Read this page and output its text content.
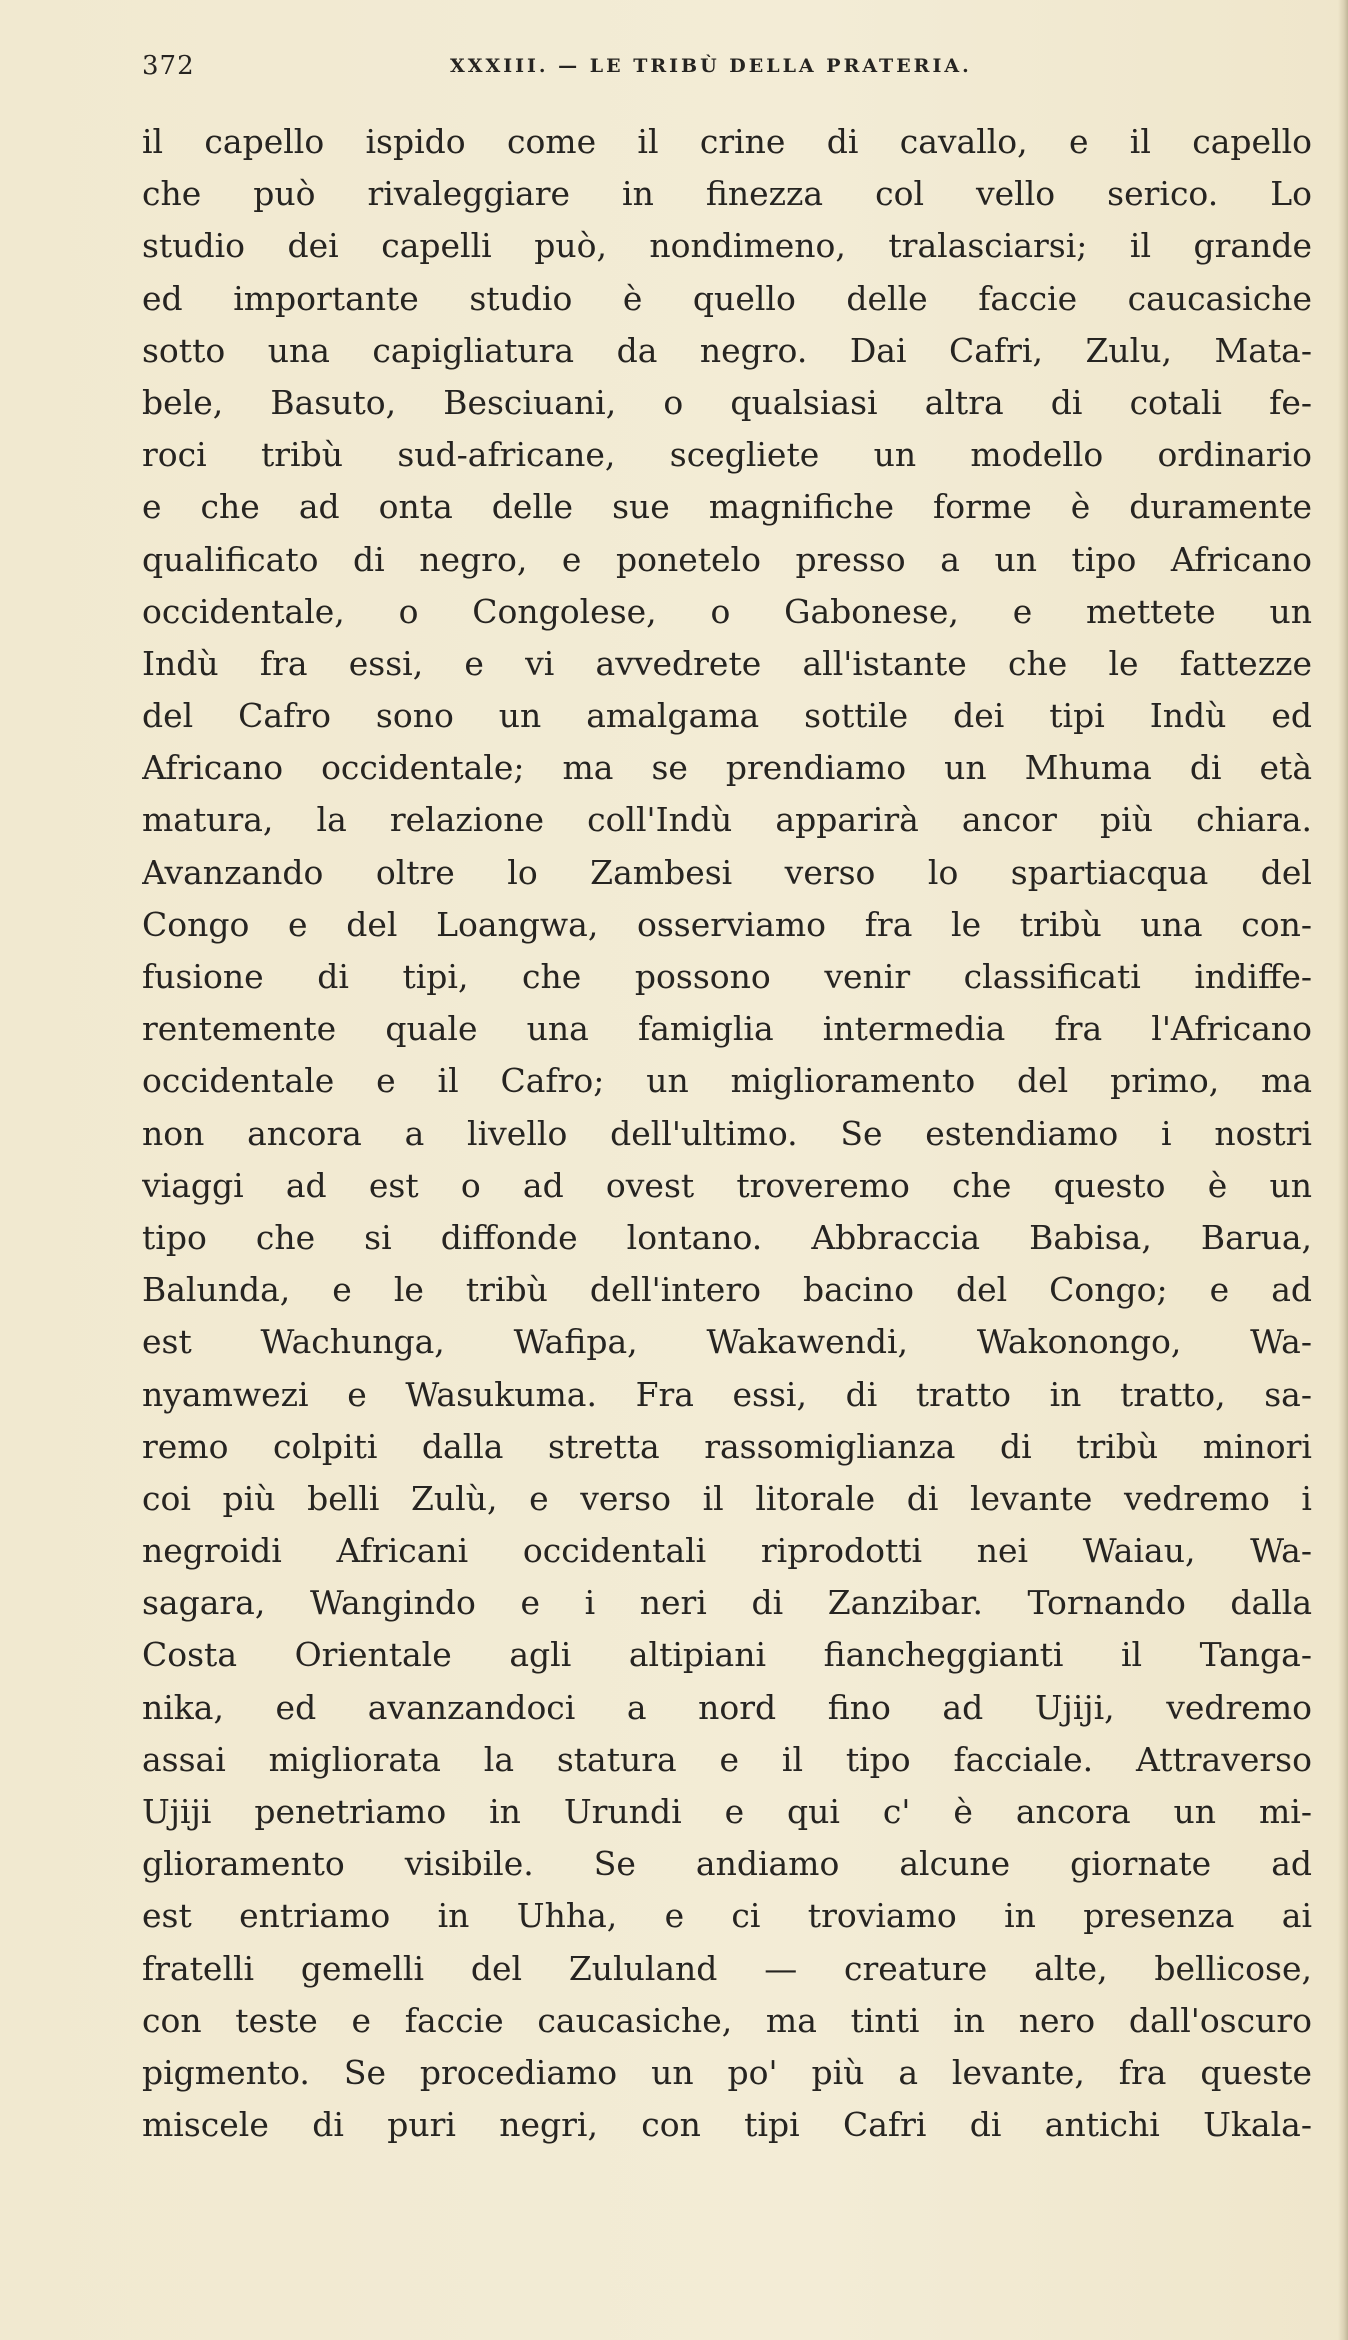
372	XXXIII. — LE TRIBÙ DELLA PRATERIA.
il capello ispido come il crine di cavallo, e il capello
che può rivaleggiare in finezza col vello serico. Lo
studio dei capelli può, nondimeno, tralasciarsi; il grande
ed importante studio è quello delle faccie caucasiche
sotto una capigliatura da negro. Dai Cafri, Zulu, Mata-
bele, Basuto, Besciuani, o qualsiasi altra di cotali fe-
roci tribù sud-africane, scegliete un modello ordinario
e che ad onta delle sue magnifiche forme è duramente
qualificato di negro, e ponetelo presso a un tipo Africano
occidentale, o Congolese, o Gabonese, e mettete un
Indù fra essi, e vi avvedrete all'istante che le fattezze
del Cafro sono un amalgama sottile dei tipi Indù ed
Africano occidentale; ma se prendiamo un Mhuma di età
matura, la relazione coll'Indù apparirà ancor più chiara.
Avanzando oltre lo Zambesi verso lo spartiacqua del
Congo e del Loangwa, osserviamo fra le tribù una con-
fusione di tipi, che possono venir classificati indiffe-
rentemente quale una famiglia intermedia fra l'Africano
occidentale e il Cafro; un miglioramento del primo, ma
non ancora a livello dell'ultimo. Se estendiamo i nostri
viaggi ad est o ad ovest troveremo che questo è un
tipo che si diffonde lontano. Abbraccia Babisa, Barua,
Balunda, e le tribù dell'intero bacino del Congo; e ad
est Wachunga, Wafipa, Wakawendi, Wakonongo, Wa-
nyamwezi e Wasukuma. Fra essi, di tratto in tratto, sa-
remo colpiti dalla stretta rassomiglianza di tribù minori
coi più belli Zulù, e verso il litorale di levante vedremo i
negroidi Africani occidentali riprodotti nei Waiau, Wa-
sagara, Wangindo e i neri di Zanzibar. Tornando dalla
Costa Orientale agli altipiani fiancheggianti il Tanga-
nika, ed avanzandoci a nord fino ad Ujiji, vedremo
assai migliorata la statura e il tipo facciale. Attraverso
Ujiji penetriamo in Urundi e qui c' è ancora un mi-
glioramento visibile. Se andiamo alcune giornate ad
est entriamo in Uhha, e ci troviamo in presenza ai
fratelli gemelli del Zululand — creature alte, bellicose,
con teste e faccie caucasiche, ma tinti in nero dall'oscuro
pigmento. Se procediamo un po' più a levante, fra queste
miscele di puri negri, con tipi Cafri di antichi Ukala-
